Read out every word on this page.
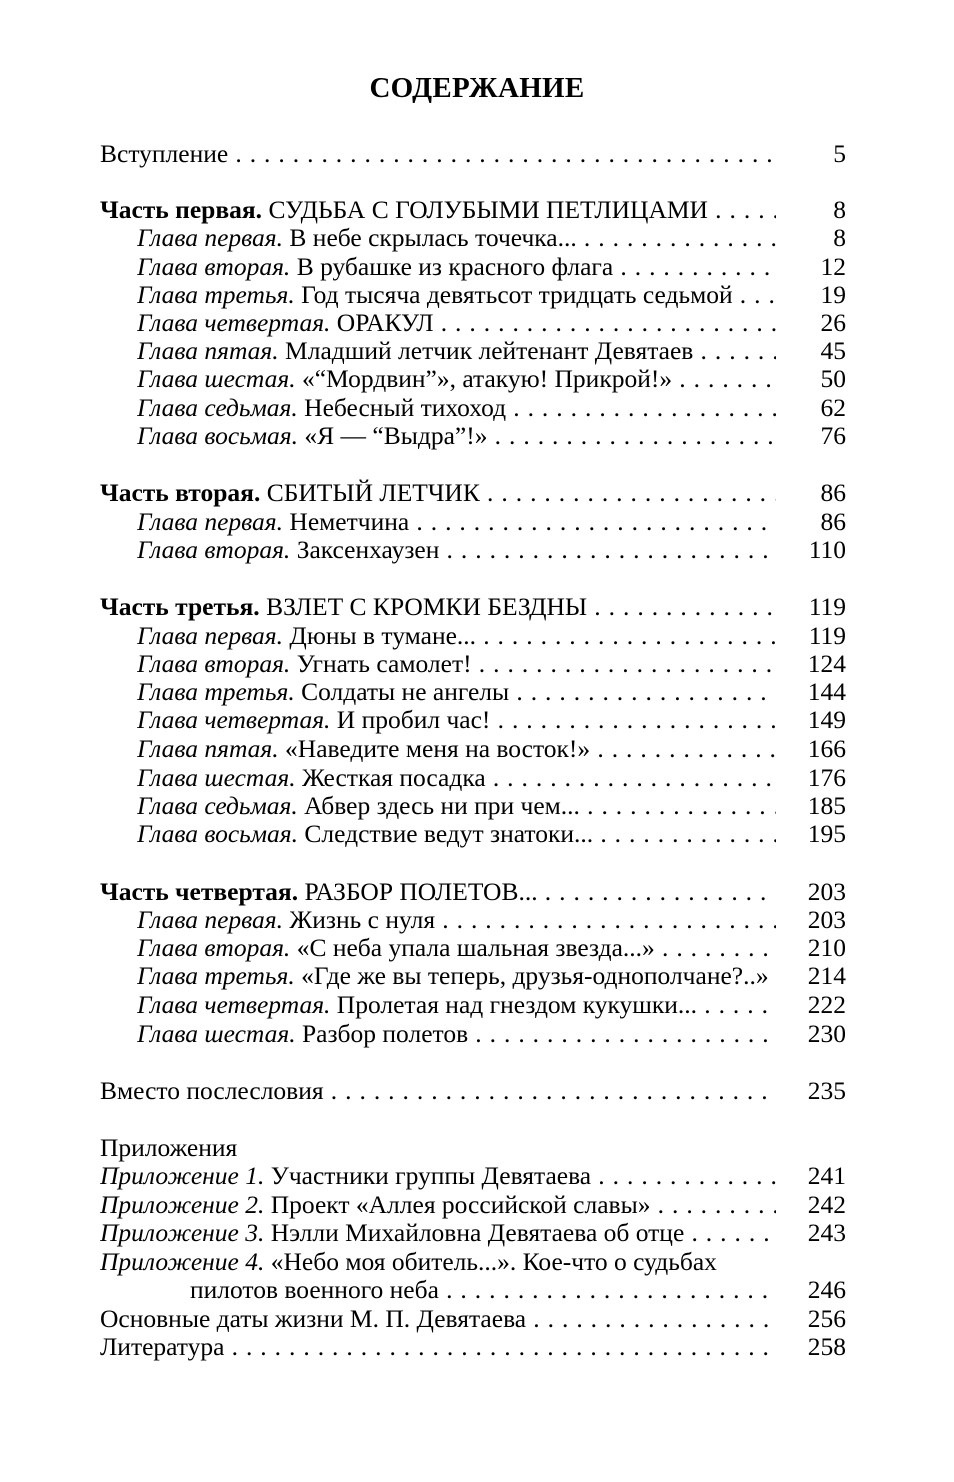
СОДЕРЖАНИЕ
Вступление . . .	5
Часть первая. СУДЬБА С ГОЛУБЫМИ ПЕТЛИЦАМИ . . .	8
Глава первая. В небе скрылась точечка... . . .	8
Глава вторая. В рубашке из красного флага . . .	12
Глава третья. Год тысяча девятьсот тридцать седьмой . . .	19
Глава четвертая. ОРАКУЛ . . .	26
Глава пятая. Младший летчик лейтенант Девятаев . . .	45
Глава шестая. «“Мордвин”», атакую! Прикрой!» . . .	50
Глава седьмая. Небесный тихоход . . .	62
Глава восьмая. «Я — “Выдра”!» . . .	76
Часть вторая. СБИТЫЙ ЛЕТЧИК . . .	86
Глава первая. Неметчина . . .	86
Глава вторая. Заксенхаузен . . .	110
Часть третья. ВЗЛЕТ С КРОМКИ БЕЗДНЫ . . .	119
Глава первая. Дюны в тумане... . . .	119
Глава вторая. Угнать самолет! . . .	124
Глава третья. Солдаты не ангелы . . .	144
Глава четвертая. И пробил час! . . .	149
Глава пятая. «Наведите меня на восток!» . . .	166
Глава шестая. Жесткая посадка . . .	176
Глава седьмая. Абвер здесь ни при чем... . . .	185
Глава восьмая. Следствие ведут знатоки... . . .	195
Часть четвертая. РАЗБОР ПОЛЕТОВ... . . .	203
Глава первая. Жизнь с нуля . . .	203
Глава вторая. «С неба упала шальная звезда...» . . .	210
Глава третья. «Где же вы теперь, друзья-однополчане?..» . . . 214
Глава четвертая. Пролетая над гнездом кукушки... . . .	222
Глава шестая. Разбор полетов . . .	230
Вместо послесловия . . .	235
Приложения
Приложение 1. Участники группы Девятаева . . .	241
Приложение 2. Проект «Аллея российской славы» . . .	242
Приложение 3. Нэлли Михайловна Девятаева об отце . . .	243
Приложение 4. «Небо моя обитель...». Кое-что о судьбах
пилотов военного неба . . .	246
Основные даты жизни М. П. Девятаева . . .	256
Литература . . .	258
